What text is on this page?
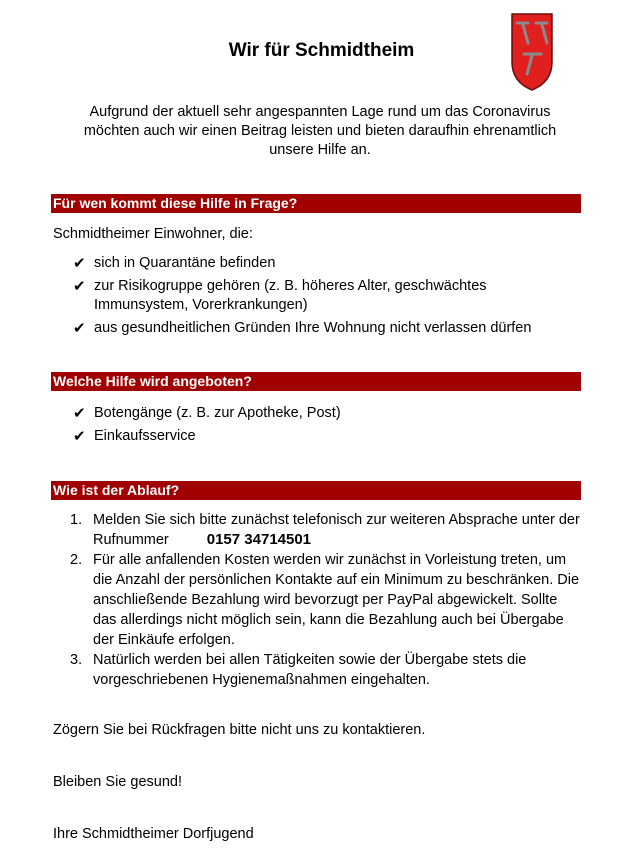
Wir für Schmidtheim
Aufgrund der aktuell sehr angespannten Lage rund um das Coronavirus möchten auch wir einen Beitrag leisten und bieten daraufhin ehrenamtlich unsere Hilfe an.
Für wen kommt diese Hilfe in Frage?
Schmidtheimer Einwohner, die:
✔ sich in Quarantäne befinden
✔ zur Risikogruppe gehören (z. B. höheres Alter, geschwächtes Immunsystem, Vorerkrankungen)
✔ aus gesundheitlichen Gründen Ihre Wohnung nicht verlassen dürfen
Welche Hilfe wird angeboten?
✔ Botengänge (z. B. zur Apotheke, Post)
✔ Einkaufsservice
Wie ist der Ablauf?
1. Melden Sie sich bitte zunächst telefonisch zur weiteren Absprache unter der Rufnummer	0157 34714501
2. Für alle anfallenden Kosten werden wir zunächst in Vorleistung treten, um die Anzahl der persönlichen Kontakte auf ein Minimum zu beschränken. Die anschließende Bezahlung wird bevorzugt per PayPal abgewickelt. Sollte das allerdings nicht möglich sein, kann die Bezahlung auch bei Übergabe der Einkäufe erfolgen.
3. Natürlich werden bei allen Tätigkeiten sowie der Übergabe stets die vorgeschriebenen Hygienemaßnahmen eingehalten.
Zögern Sie bei Rückfragen bitte nicht uns zu kontaktieren.
Bleiben Sie gesund!
Ihre Schmidtheimer Dorfjugend
